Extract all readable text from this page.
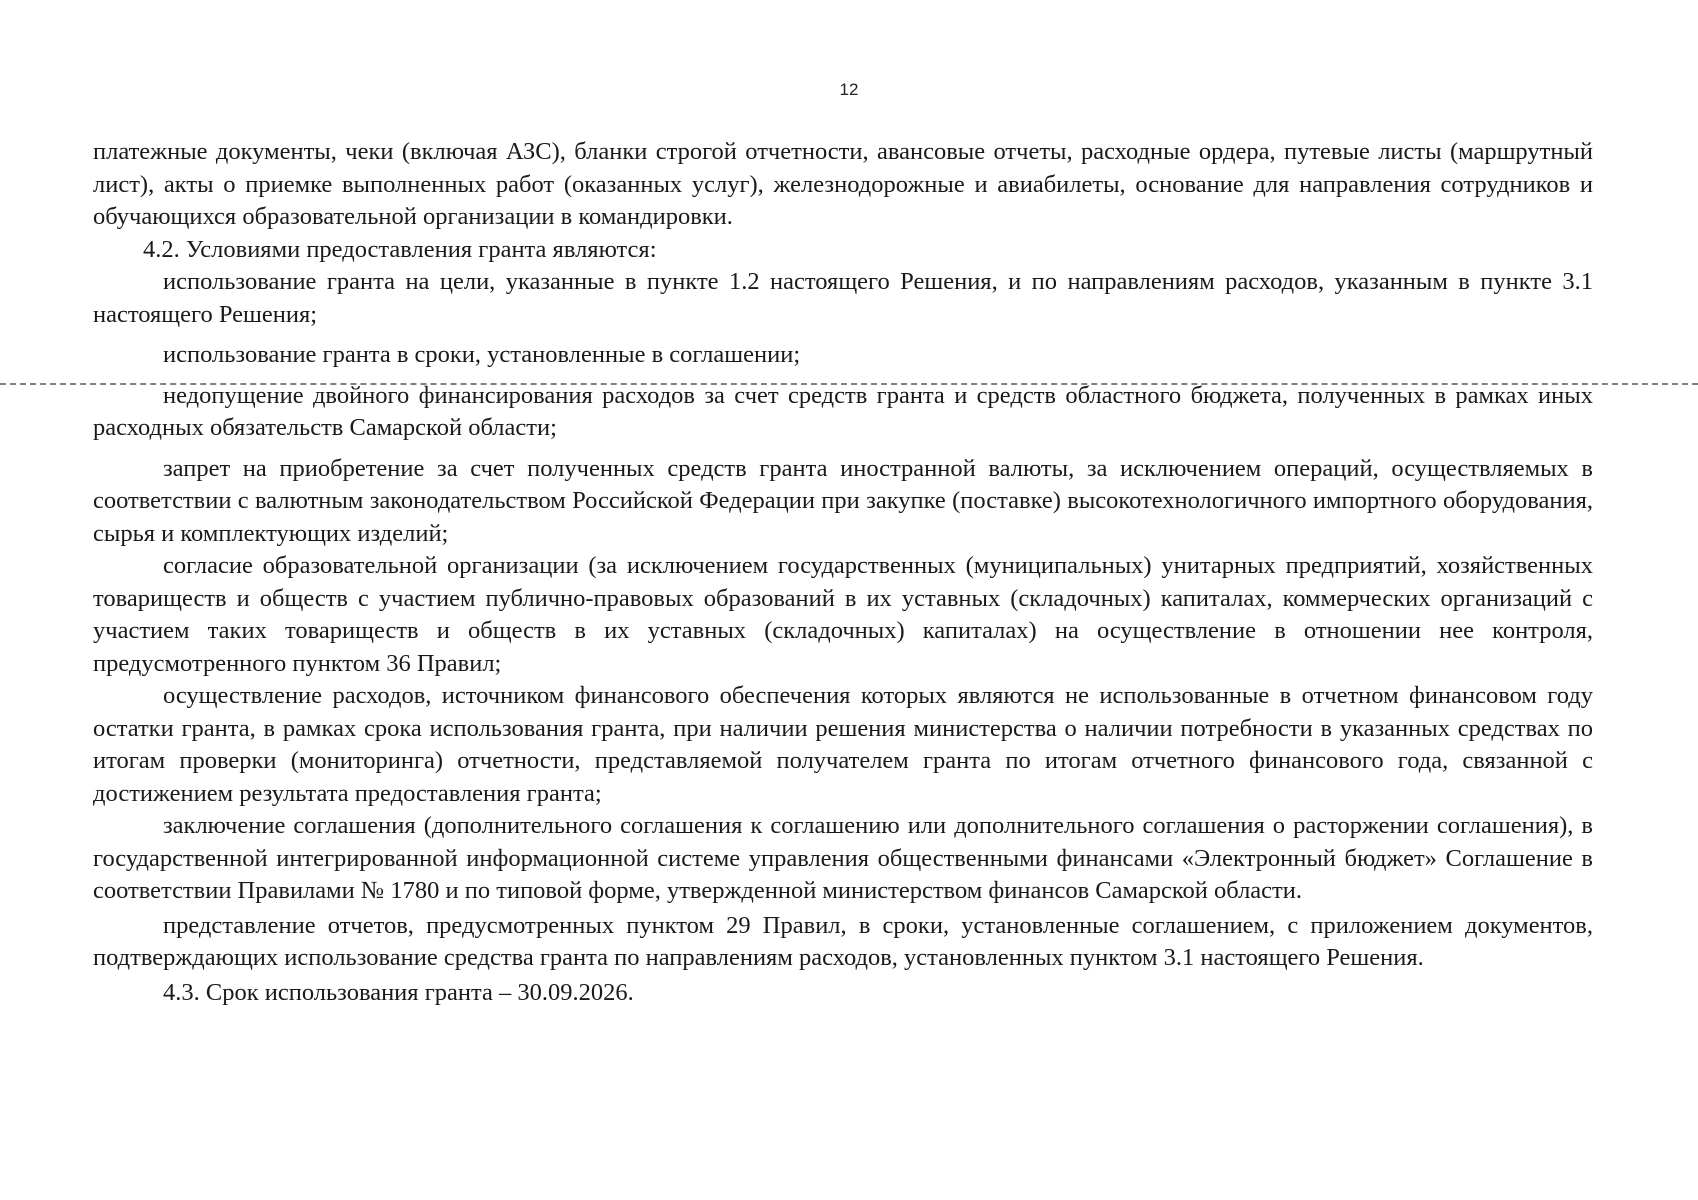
12

платежные документы, чеки (включая АЗС), бланки строгой отчетности, авансовые отчеты, расходные ордера, путевые листы (маршрутный лист), акты о приемке выполненных работ (оказанных услуг), железнодорожные и авиабилеты, основание для направления сотрудников и обучающихся образовательной организации в командировки.

4.2. Условиями предоставления гранта являются:

использование гранта на цели, указанные в пункте 1.2 настоящего Решения, и по направлениям расходов, указанным в пункте 3.1 настоящего Решения;

использование гранта в сроки, установленные в соглашении;

недопущение двойного финансирования расходов за счет средств гранта и средств областного бюджета, полученных в рамках иных расходных обязательств Самарской области;

запрет на приобретение за счет полученных средств гранта иностранной валюты, за исключением операций, осуществляемых в соответствии с валютным законодательством Российской Федерации при закупке (поставке) высокотехнологичного импортного оборудования, сырья и комплектующих изделий;

согласие образовательной организации (за исключением государственных (муниципальных) унитарных предприятий, хозяйственных товариществ и обществ с участием публично-правовых образований в их уставных (складочных) капиталах, коммерческих организаций с участием таких товариществ и обществ в их уставных (складочных) капиталах) на осуществление в отношении нее контроля, предусмотренного пунктом 36 Правил;

осуществление расходов, источником финансового обеспечения которых являются не использованные в отчетном финансовом году остатки гранта, в рамках срока использования гранта, при наличии решения министерства о наличии потребности в указанных средствах по итогам проверки (мониторинга) отчетности, представляемой получателем гранта по итогам отчетного финансового года, связанной с достижением результата предоставления гранта;

заключение соглашения (дополнительного соглашения к соглашению или дополнительного соглашения о расторжении соглашения), в государственной интегрированной информационной системе управления общественными финансами «Электронный бюджет» Соглашение в соответствии Правилами № 1780 и по типовой форме, утвержденной министерством финансов Самарской области.

представление отчетов, предусмотренных пунктом 29 Правил, в сроки, установленные соглашением, с приложением документов, подтверждающих использование средства гранта по направлениям расходов, установленных пунктом 3.1 настоящего Решения.

4.3. Срок использования гранта – 30.09.2026.
